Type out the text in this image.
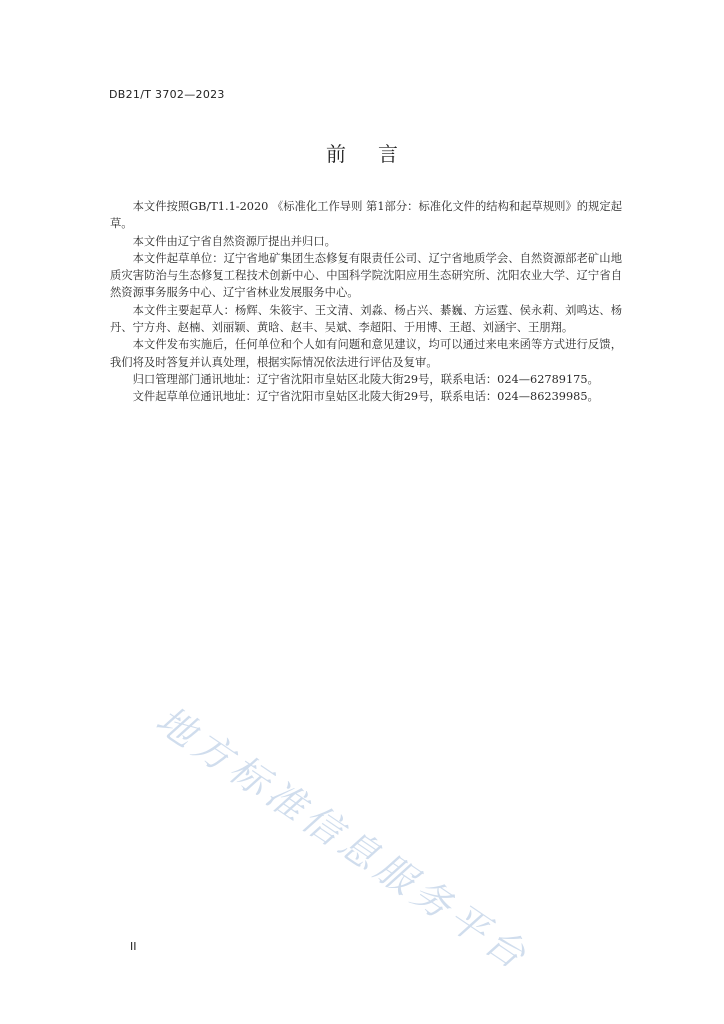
DB21/T 3702—2023
前 言

本文件按照GB/T1.1-2020 《标准化工作导则 第1部分：标准化文件的结构和起草规则》的规定起草。

本文件由辽宁省自然资源厅提出并归口。

本文件起草单位：辽宁省地矿集团生态修复有限责任公司、辽宁省地质学会、自然资源部老矿山地质灾害防治与生态修复工程技术创新中心、中国科学院沈阳应用生态研究所、沈阳农业大学、辽宁省自然资源事务服务中心、辽宁省林业发展服务中心。

本文件主要起草人：杨辉、朱筱宇、王文清、刘淼、杨占兴、綦巍、方运霆、侯永莉、刘鸣达、杨丹、宁方舟、赵楠、刘丽颖、黄晗、赵丰、吴斌、李超阳、于用博、王超、刘涵宇、王朋翔。

本文件发布实施后，任何单位和个人如有问题和意见建议，均可以通过来电来函等方式进行反馈，我们将及时答复并认真处理，根据实际情况依法进行评估及复审。

归口管理部门通讯地址：辽宁省沈阳市皇姑区北陵大街29号，联系电话：024—62789175。

文件起草单位通讯地址：辽宁省沈阳市皇姑区北陵大街29号，联系电话：024—86239985。

地方标准信息服务平台
II
